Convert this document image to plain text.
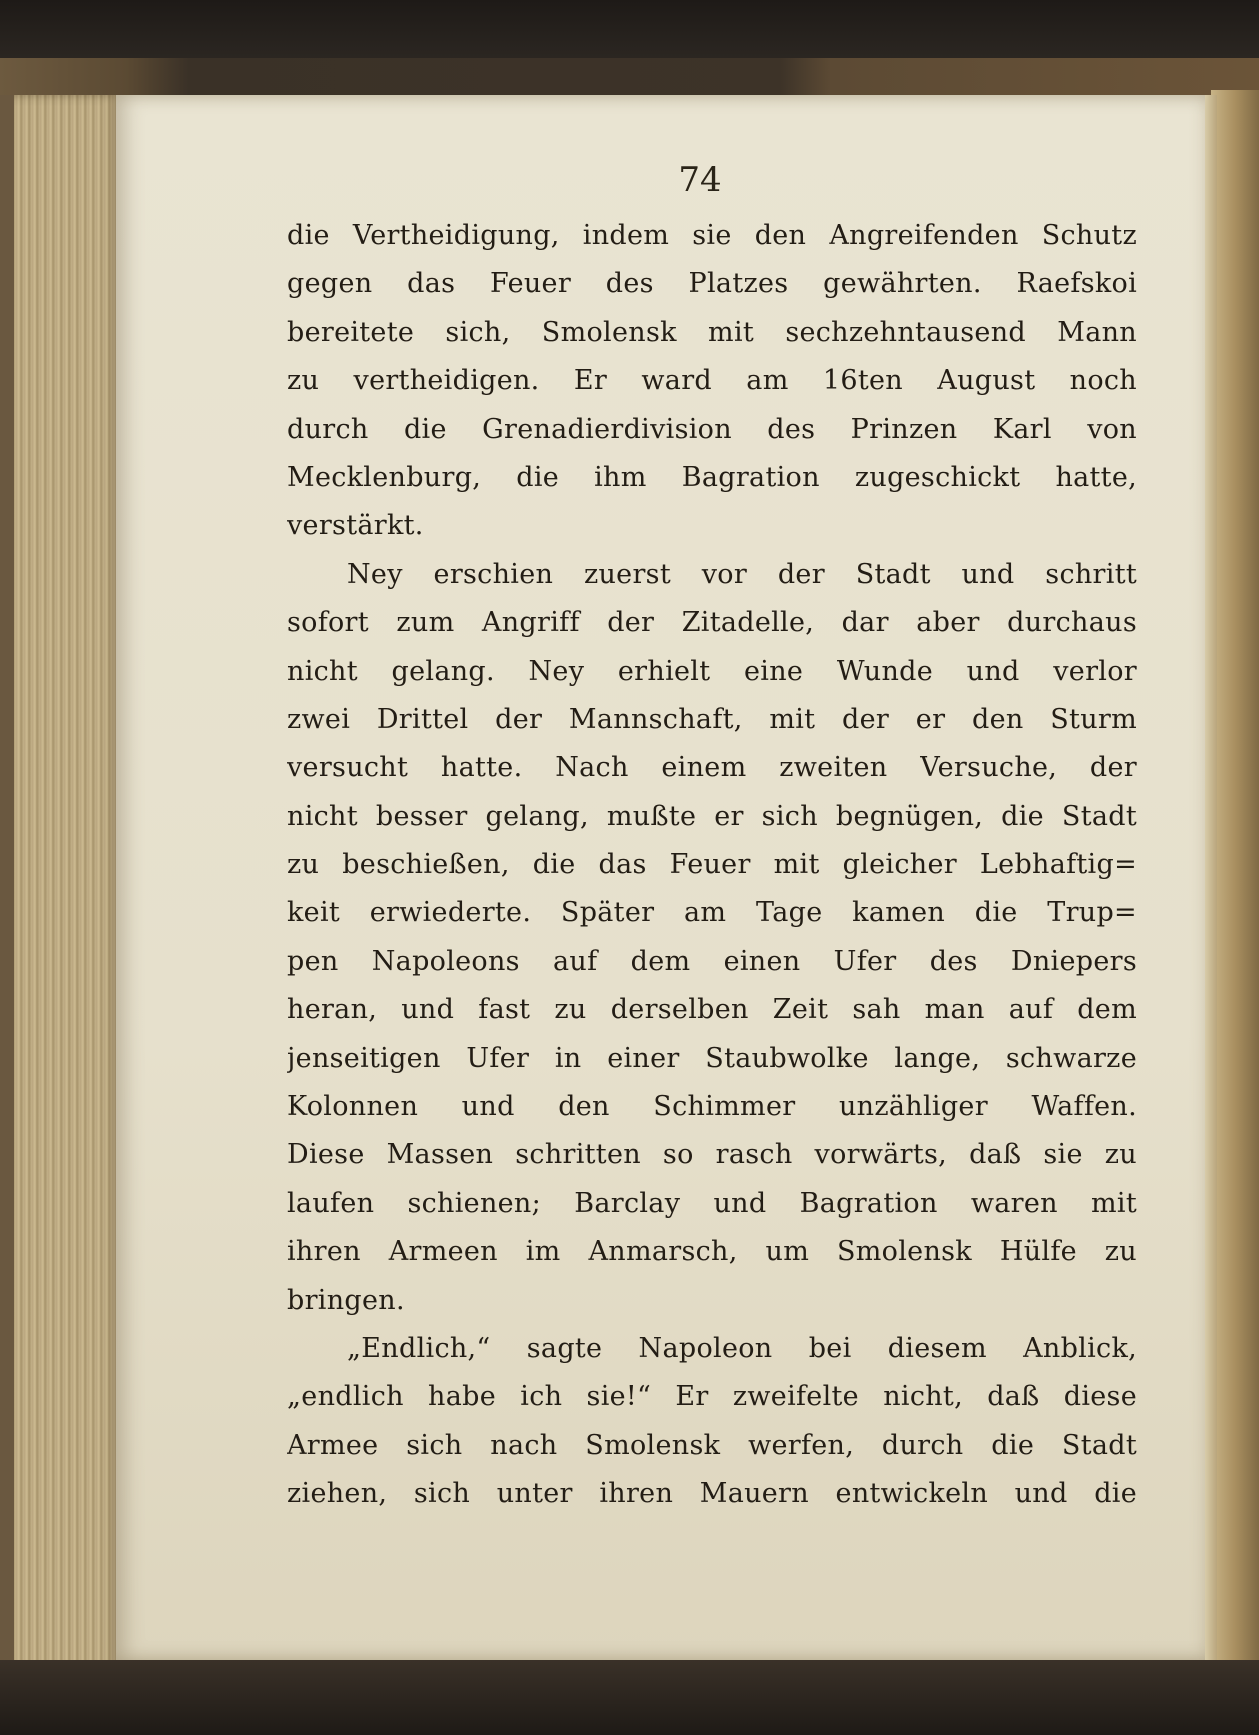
74
die Vertheidigung, indem sie den Angreifenden Schutz
gegen das Feuer des Platzes gewährten. Raefskoi
bereitete sich, Smolensk mit sechzehntausend Mann
zu vertheidigen. Er ward am 16ten August noch
durch die Grenadierdivision des Prinzen Karl von
Mecklenburg, die ihm Bagration zugeschickt hatte,
verstärkt.
Ney erschien zuerst vor der Stadt und schritt
sofort zum Angriff der Zitadelle, dar aber durchaus
nicht gelang. Ney erhielt eine Wunde und verlor
zwei Drittel der Mannschaft, mit der er den Sturm
versucht hatte. Nach einem zweiten Versuche, der
nicht besser gelang, mußte er sich begnügen, die Stadt
zu beschießen, die das Feuer mit gleicher Lebhaftig=
keit erwiederte. Später am Tage kamen die Trup=
pen Napoleons auf dem einen Ufer des Dniepers
heran, und fast zu derselben Zeit sah man auf dem
jenseitigen Ufer in einer Staubwolke lange, schwarze
Kolonnen und den Schimmer unzähliger Waffen.
Diese Massen schritten so rasch vorwärts, daß sie zu
laufen schienen; Barclay und Bagration waren mit
ihren Armeen im Anmarsch, um Smolensk Hülfe zu
bringen.
„Endlich,“ sagte Napoleon bei diesem Anblick,
„endlich habe ich sie!“ Er zweifelte nicht, daß diese
Armee sich nach Smolensk werfen, durch die Stadt
ziehen, sich unter ihren Mauern entwickeln und die
